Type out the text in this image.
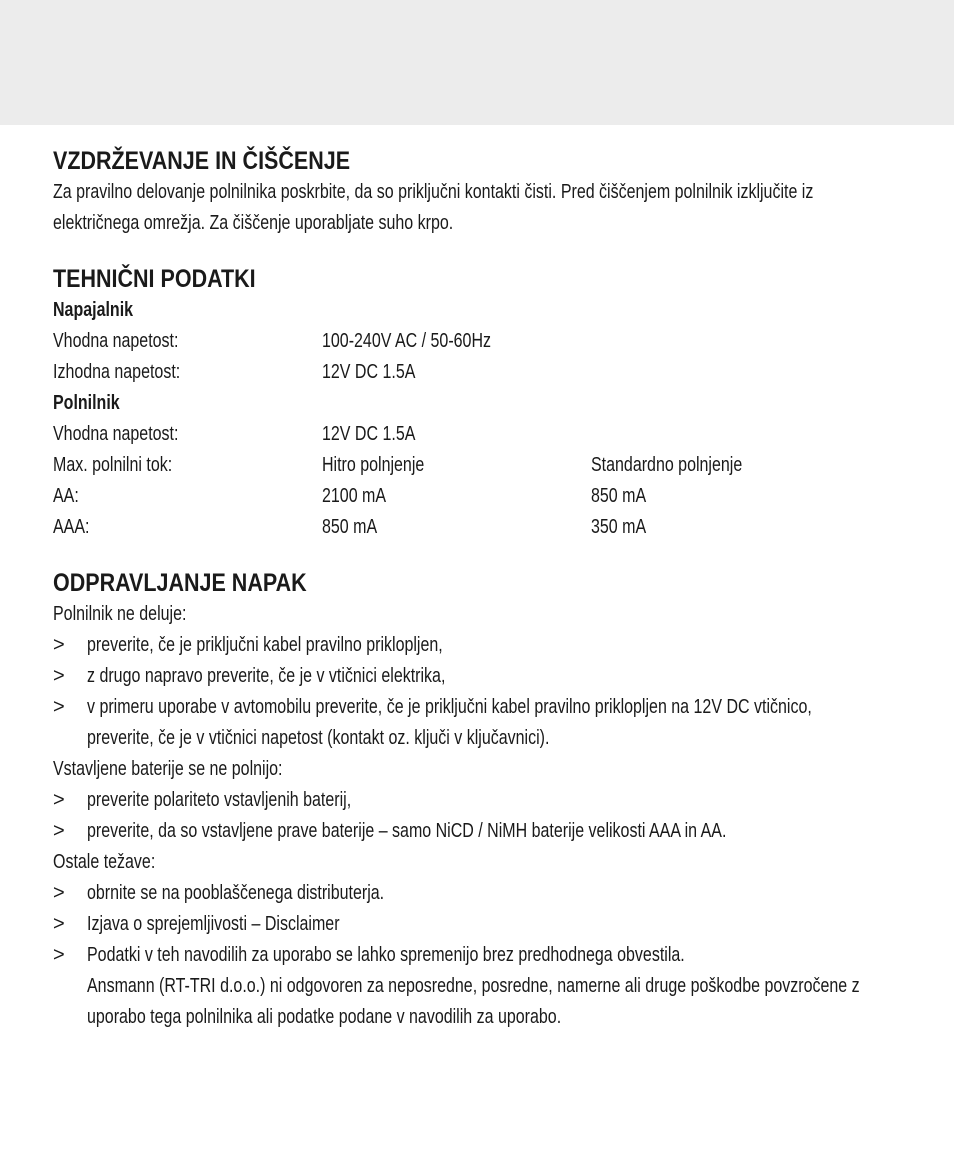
VZDRŽEVANJE IN ČIŠČENJE
Za pravilno delovanje polnilnika poskrbite, da so priključni kontakti čisti. Pred čiščenjem polnilnik izključite iz
električnega omrežja. Za čiščenje uporabljate suho krpo.
TEHNIČNI PODATKI
Napajalnik
Vhodna napetost:	100-240V AC / 50-60Hz
Izhodna napetost:	12V DC 1.5A
Polnilnik
Vhodna napetost:	12V DC 1.5A
Max. polnilni tok:	Hitro polnjenje	Standardno polnjenje
AA:	2100 mA	850 mA
AAA:	850 mA	350 mA
ODPRAVLJANJE NAPAK
Polnilnik ne deluje:
> preverite, če je priključni kabel pravilno priklopljen,
> z drugo napravo preverite, če je v vtičnici elektrika,
> v primeru uporabe v avtomobilu preverite, če je priključni kabel pravilno priklopljen na 12V DC vtičnico,
preverite, če je v vtičnici napetost (kontakt oz. ključi v ključavnici).
Vstavljene baterije se ne polnijo:
> preverite polariteto vstavljenih baterij,
> preverite, da so vstavljene prave baterije – samo NiCD / NiMH baterije velikosti AAA in AA.
Ostale težave:
> obrnite se na pooblaščenega distributerja.
> Izjava o sprejemljivosti – Disclaimer
> Podatki v teh navodilih za uporabo se lahko spremenijo brez predhodnega obvestila.
Ansmann (RT-TRI d.o.o.) ni odgovoren za neposredne, posredne, namerne ali druge poškodbe povzročene z
uporabo tega polnilnika ali podatke podane v navodilih za uporabo.
